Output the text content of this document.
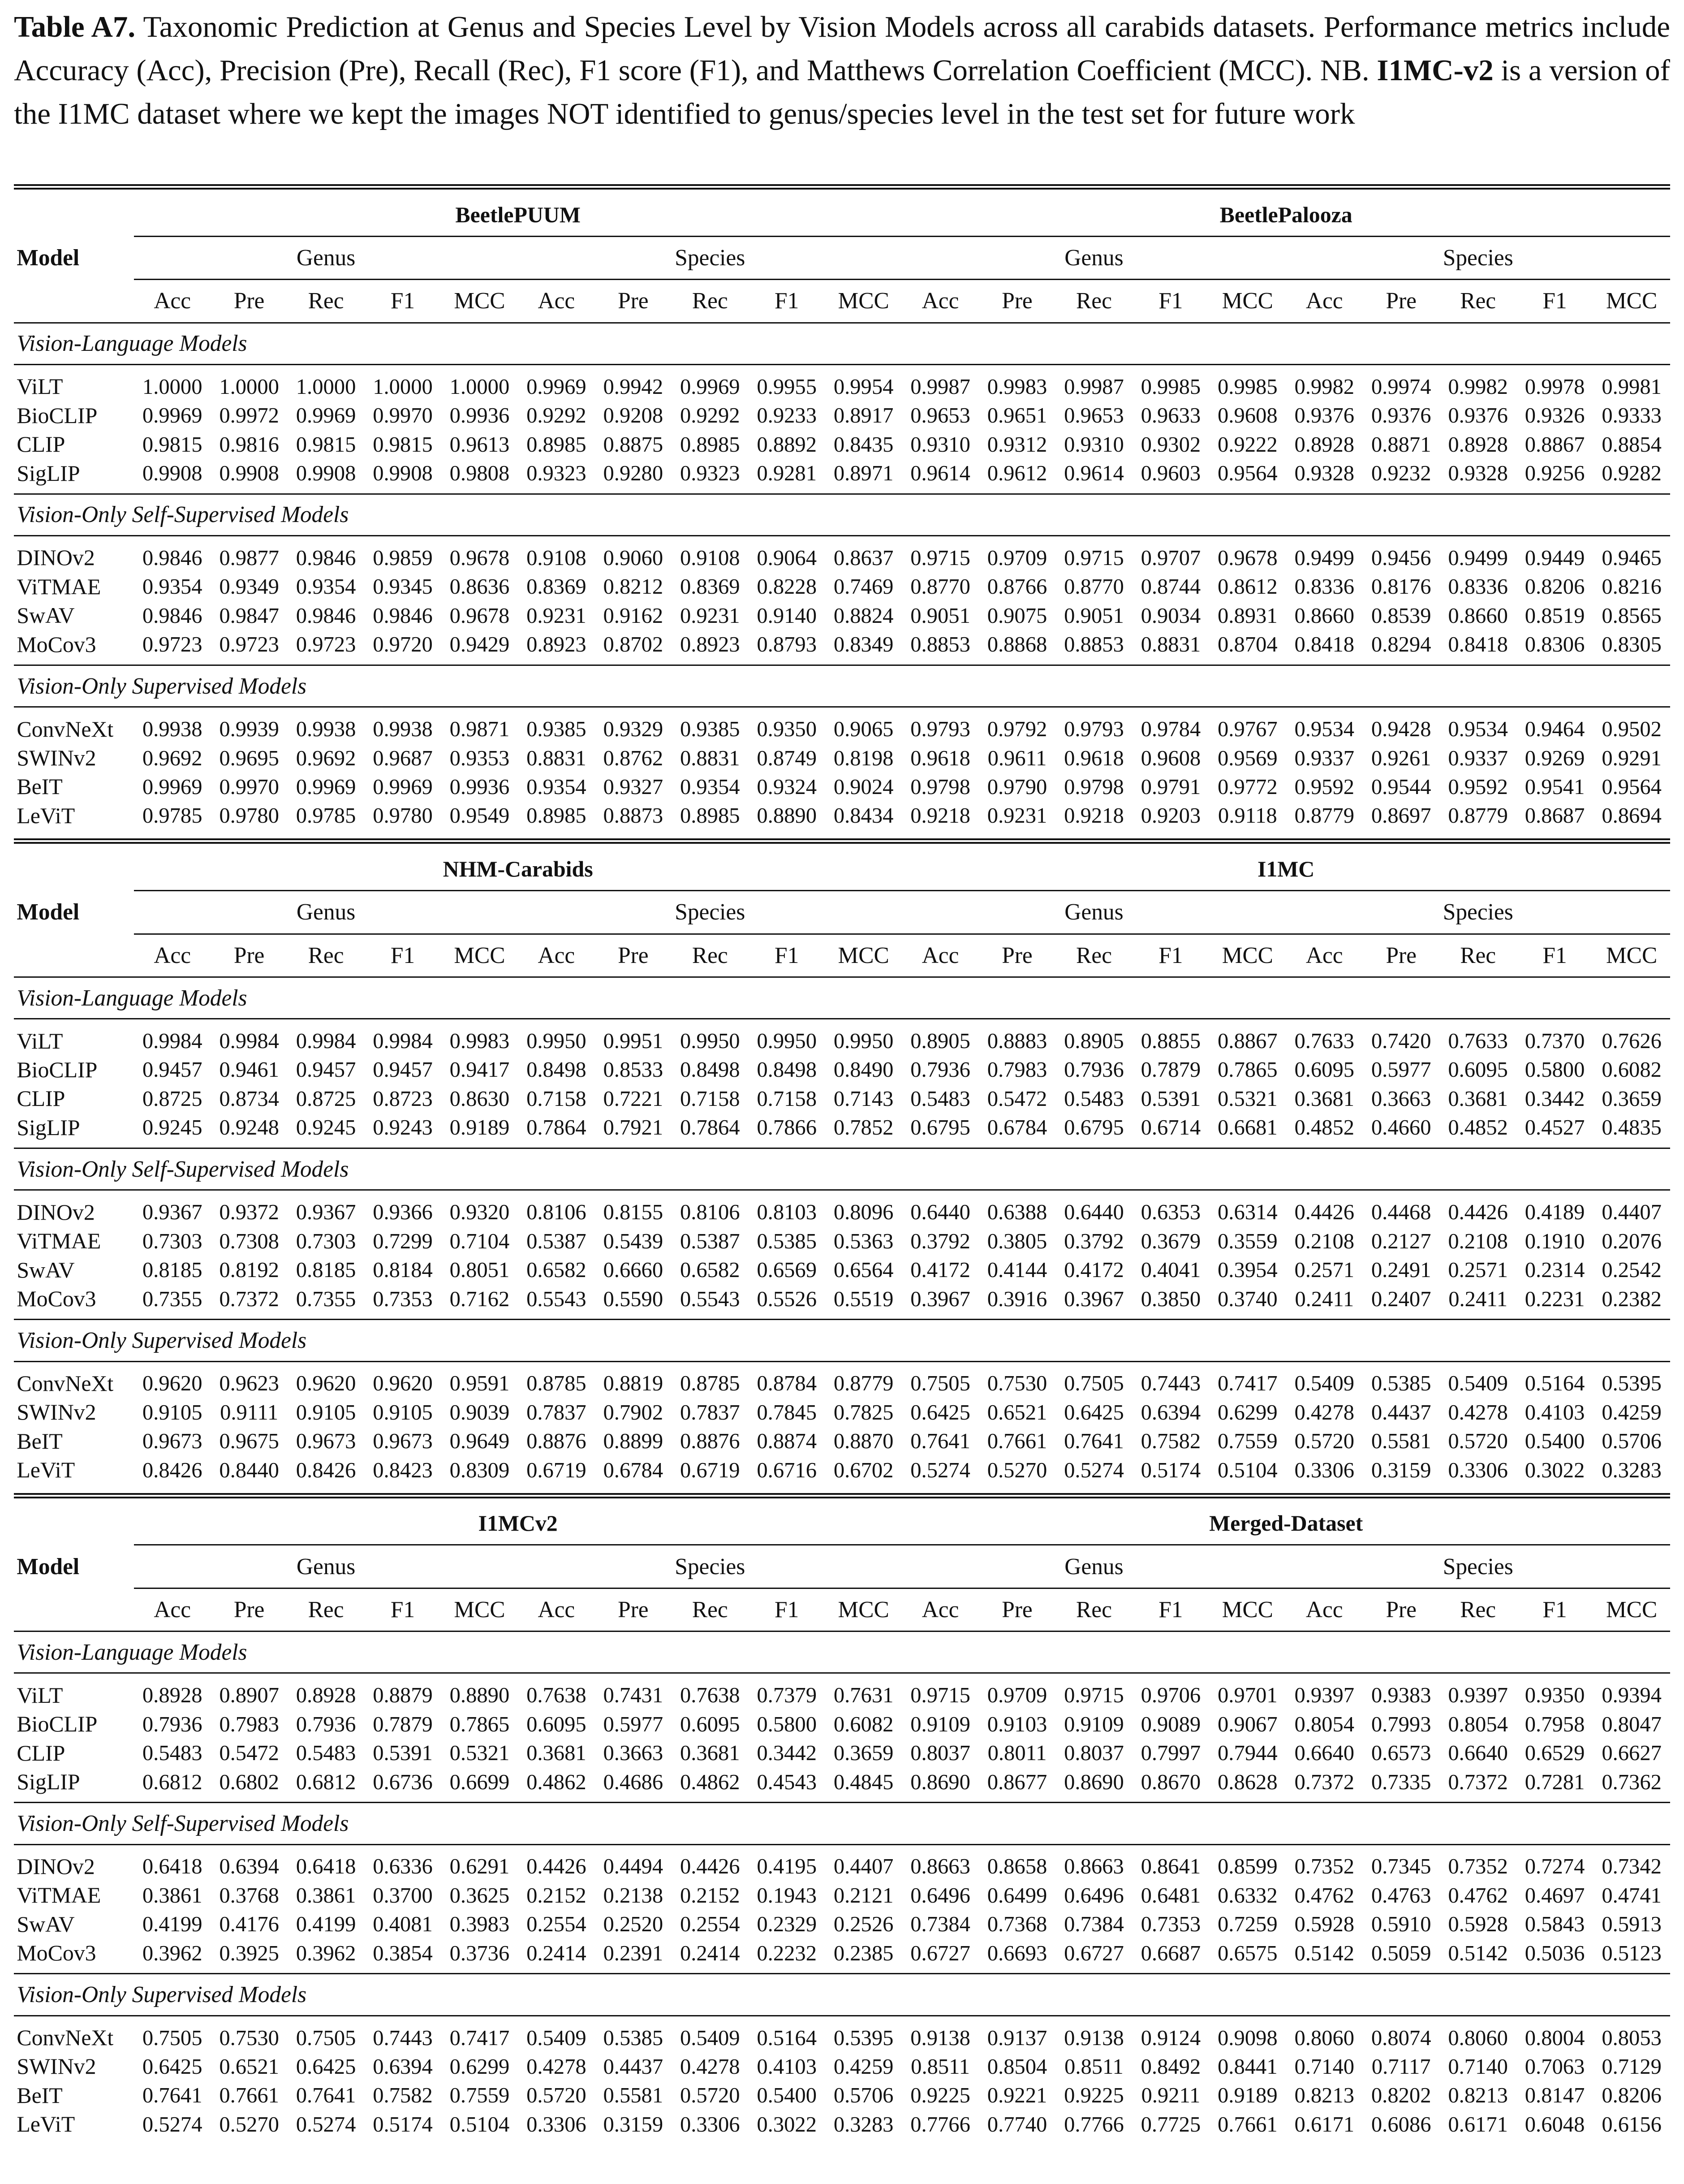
Table A7. Taxonomic Prediction at Genus and Species Level by Vision Models across all carabids datasets. Performance metrics include Accuracy (Acc), Precision (Pre), Recall (Rec), F1 score (F1), and Matthews Correlation Coefficient (MCC). NB. I1MC-v2 is a version of the I1MC dataset where we kept the images NOT identified to genus/species level in the test set for future work
Model	BeetlePUUM										BeetlePalooza									
	Genus					Species					Genus					Species				
	Acc	Pre	Rec	F1	MCC	Acc	Pre	Rec	F1	MCC	Acc	Pre	Rec	F1	MCC	Acc	Pre	Rec	F1	MCC
Vision-Language Models																				
ViLT	1.0000	1.0000	1.0000	1.0000	1.0000	0.9969	0.9942	0.9969	0.9955	0.9954	0.9987	0.9983	0.9987	0.9985	0.9985	0.9982	0.9974	0.9982	0.9978	0.9981
BioCLIP	0.9969	0.9972	0.9969	0.9970	0.9936	0.9292	0.9208	0.9292	0.9233	0.8917	0.9653	0.9651	0.9653	0.9633	0.9608	0.9376	0.9376	0.9376	0.9326	0.9333
CLIP	0.9815	0.9816	0.9815	0.9815	0.9613	0.8985	0.8875	0.8985	0.8892	0.8435	0.9310	0.9312	0.9310	0.9302	0.9222	0.8928	0.8871	0.8928	0.8867	0.8854
SigLIP	0.9908	0.9908	0.9908	0.9908	0.9808	0.9323	0.9280	0.9323	0.9281	0.8971	0.9614	0.9612	0.9614	0.9603	0.9564	0.9328	0.9232	0.9328	0.9256	0.9282
Vision-Only Self-Supervised Models																				
DINOv2	0.9846	0.9877	0.9846	0.9859	0.9678	0.9108	0.9060	0.9108	0.9064	0.8637	0.9715	0.9709	0.9715	0.9707	0.9678	0.9499	0.9456	0.9499	0.9449	0.9465
ViTMAE	0.9354	0.9349	0.9354	0.9345	0.8636	0.8369	0.8212	0.8369	0.8228	0.7469	0.8770	0.8766	0.8770	0.8744	0.8612	0.8336	0.8176	0.8336	0.8206	0.8216
SwAV	0.9846	0.9847	0.9846	0.9846	0.9678	0.9231	0.9162	0.9231	0.9140	0.8824	0.9051	0.9075	0.9051	0.9034	0.8931	0.8660	0.8539	0.8660	0.8519	0.8565
MoCov3	0.9723	0.9723	0.9723	0.9720	0.9429	0.8923	0.8702	0.8923	0.8793	0.8349	0.8853	0.8868	0.8853	0.8831	0.8704	0.8418	0.8294	0.8418	0.8306	0.8305
Vision-Only Supervised Models																				
ConvNeXt	0.9938	0.9939	0.9938	0.9938	0.9871	0.9385	0.9329	0.9385	0.9350	0.9065	0.9793	0.9792	0.9793	0.9784	0.9767	0.9534	0.9428	0.9534	0.9464	0.9502
SWINv2	0.9692	0.9695	0.9692	0.9687	0.9353	0.8831	0.8762	0.8831	0.8749	0.8198	0.9618	0.9611	0.9618	0.9608	0.9569	0.9337	0.9261	0.9337	0.9269	0.9291
BeIT	0.9969	0.9970	0.9969	0.9969	0.9936	0.9354	0.9327	0.9354	0.9324	0.9024	0.9798	0.9790	0.9798	0.9791	0.9772	0.9592	0.9544	0.9592	0.9541	0.9564
LeViT	0.9785	0.9780	0.9785	0.9780	0.9549	0.8985	0.8873	0.8985	0.8890	0.8434	0.9218	0.9231	0.9218	0.9203	0.9118	0.8779	0.8697	0.8779	0.8687	0.8694
Model	NHM-Carabids										I1MC									
	Genus					Species					Genus					Species				
	Acc	Pre	Rec	F1	MCC	Acc	Pre	Rec	F1	MCC	Acc	Pre	Rec	F1	MCC	Acc	Pre	Rec	F1	MCC
Vision-Language Models																				
ViLT	0.9984	0.9984	0.9984	0.9984	0.9983	0.9950	0.9951	0.9950	0.9950	0.9950	0.8905	0.8883	0.8905	0.8855	0.8867	0.7633	0.7420	0.7633	0.7370	0.7626
BioCLIP	0.9457	0.9461	0.9457	0.9457	0.9417	0.8498	0.8533	0.8498	0.8498	0.8490	0.7936	0.7983	0.7936	0.7879	0.7865	0.6095	0.5977	0.6095	0.5800	0.6082
CLIP	0.8725	0.8734	0.8725	0.8723	0.8630	0.7158	0.7221	0.7158	0.7158	0.7143	0.5483	0.5472	0.5483	0.5391	0.5321	0.3681	0.3663	0.3681	0.3442	0.3659
SigLIP	0.9245	0.9248	0.9245	0.9243	0.9189	0.7864	0.7921	0.7864	0.7866	0.7852	0.6795	0.6784	0.6795	0.6714	0.6681	0.4852	0.4660	0.4852	0.4527	0.4835
Vision-Only Self-Supervised Models																				
DINOv2	0.9367	0.9372	0.9367	0.9366	0.9320	0.8106	0.8155	0.8106	0.8103	0.8096	0.6440	0.6388	0.6440	0.6353	0.6314	0.4426	0.4468	0.4426	0.4189	0.4407
ViTMAE	0.7303	0.7308	0.7303	0.7299	0.7104	0.5387	0.5439	0.5387	0.5385	0.5363	0.3792	0.3805	0.3792	0.3679	0.3559	0.2108	0.2127	0.2108	0.1910	0.2076
SwAV	0.8185	0.8192	0.8185	0.8184	0.8051	0.6582	0.6660	0.6582	0.6569	0.6564	0.4172	0.4144	0.4172	0.4041	0.3954	0.2571	0.2491	0.2571	0.2314	0.2542
MoCov3	0.7355	0.7372	0.7355	0.7353	0.7162	0.5543	0.5590	0.5543	0.5526	0.5519	0.3967	0.3916	0.3967	0.3850	0.3740	0.2411	0.2407	0.2411	0.2231	0.2382
Vision-Only Supervised Models																				
ConvNeXt	0.9620	0.9623	0.9620	0.9620	0.9591	0.8785	0.8819	0.8785	0.8784	0.8779	0.7505	0.7530	0.7505	0.7443	0.7417	0.5409	0.5385	0.5409	0.5164	0.5395
SWINv2	0.9105	0.9111	0.9105	0.9105	0.9039	0.7837	0.7902	0.7837	0.7845	0.7825	0.6425	0.6521	0.6425	0.6394	0.6299	0.4278	0.4437	0.4278	0.4103	0.4259
BeIT	0.9673	0.9675	0.9673	0.9673	0.9649	0.8876	0.8899	0.8876	0.8874	0.8870	0.7641	0.7661	0.7641	0.7582	0.7559	0.5720	0.5581	0.5720	0.5400	0.5706
LeViT	0.8426	0.8440	0.8426	0.8423	0.8309	0.6719	0.6784	0.6719	0.6716	0.6702	0.5274	0.5270	0.5274	0.5174	0.5104	0.3306	0.3159	0.3306	0.3022	0.3283
Model	I1MCv2										Merged-Dataset									
	Genus					Species					Genus					Species				
	Acc	Pre	Rec	F1	MCC	Acc	Pre	Rec	F1	MCC	Acc	Pre	Rec	F1	MCC	Acc	Pre	Rec	F1	MCC
Vision-Language Models																				
ViLT	0.8928	0.8907	0.8928	0.8879	0.8890	0.7638	0.7431	0.7638	0.7379	0.7631	0.9715	0.9709	0.9715	0.9706	0.9701	0.9397	0.9383	0.9397	0.9350	0.9394
BioCLIP	0.7936	0.7983	0.7936	0.7879	0.7865	0.6095	0.5977	0.6095	0.5800	0.6082	0.9109	0.9103	0.9109	0.9089	0.9067	0.8054	0.7993	0.8054	0.7958	0.8047
CLIP	0.5483	0.5472	0.5483	0.5391	0.5321	0.3681	0.3663	0.3681	0.3442	0.3659	0.8037	0.8011	0.8037	0.7997	0.7944	0.6640	0.6573	0.6640	0.6529	0.6627
SigLIP	0.6812	0.6802	0.6812	0.6736	0.6699	0.4862	0.4686	0.4862	0.4543	0.4845	0.8690	0.8677	0.8690	0.8670	0.8628	0.7372	0.7335	0.7372	0.7281	0.7362
Vision-Only Self-Supervised Models																				
DINOv2	0.6418	0.6394	0.6418	0.6336	0.6291	0.4426	0.4494	0.4426	0.4195	0.4407	0.8663	0.8658	0.8663	0.8641	0.8599	0.7352	0.7345	0.7352	0.7274	0.7342
ViTMAE	0.3861	0.3768	0.3861	0.3700	0.3625	0.2152	0.2138	0.2152	0.1943	0.2121	0.6496	0.6499	0.6496	0.6481	0.6332	0.4762	0.4763	0.4762	0.4697	0.4741
SwAV	0.4199	0.4176	0.4199	0.4081	0.3983	0.2554	0.2520	0.2554	0.2329	0.2526	0.7384	0.7368	0.7384	0.7353	0.7259	0.5928	0.5910	0.5928	0.5843	0.5913
MoCov3	0.3962	0.3925	0.3962	0.3854	0.3736	0.2414	0.2391	0.2414	0.2232	0.2385	0.6727	0.6693	0.6727	0.6687	0.6575	0.5142	0.5059	0.5142	0.5036	0.5123
Vision-Only Supervised Models																				
ConvNeXt	0.7505	0.7530	0.7505	0.7443	0.7417	0.5409	0.5385	0.5409	0.5164	0.5395	0.9138	0.9137	0.9138	0.9124	0.9098	0.8060	0.8074	0.8060	0.8004	0.8053
SWINv2	0.6425	0.6521	0.6425	0.6394	0.6299	0.4278	0.4437	0.4278	0.4103	0.4259	0.8511	0.8504	0.8511	0.8492	0.8441	0.7140	0.7117	0.7140	0.7063	0.7129
BeIT	0.7641	0.7661	0.7641	0.7582	0.7559	0.5720	0.5581	0.5720	0.5400	0.5706	0.9225	0.9221	0.9225	0.9211	0.9189	0.8213	0.8202	0.8213	0.8147	0.8206
LeViT	0.5274	0.5270	0.5274	0.5174	0.5104	0.3306	0.3159	0.3306	0.3022	0.3283	0.7766	0.7740	0.7766	0.7725	0.7661	0.6171	0.6086	0.6171	0.6048	0.6156
